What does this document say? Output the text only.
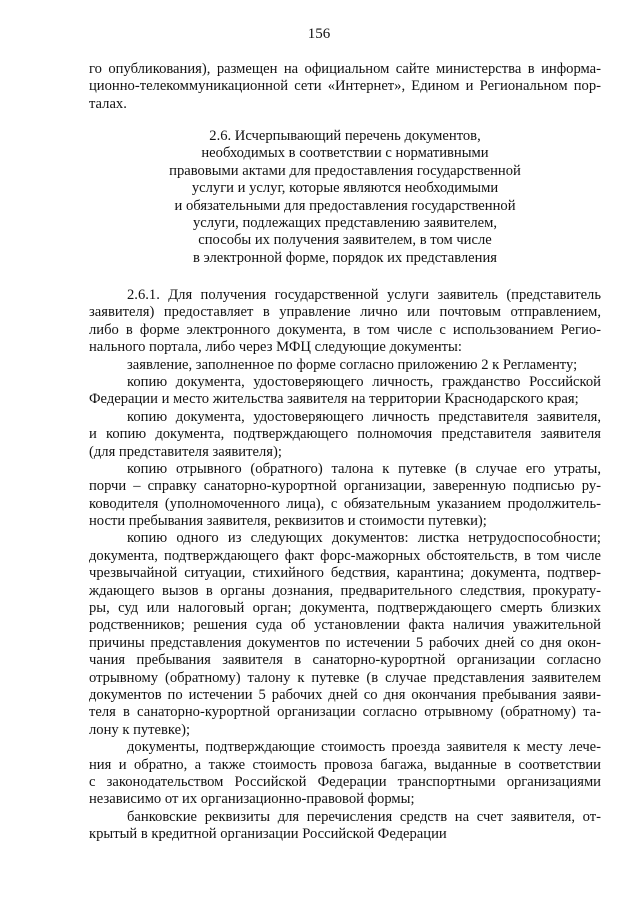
156
го опубликования), размещен на официальном сайте министерства в информа-
ционно-телекоммуникационной сети «Интернет», Едином и Региональном пор-
талах.
2.6. Исчерпывающий перечень документов,
необходимых в соответствии с нормативными
правовыми актами для предоставления государственной
услуги и услуг, которые являются необходимыми
и обязательными для предоставления государственной
услуги, подлежащих представлению заявителем,
способы их получения заявителем, в том числе
в электронной форме, порядок их представления
2.6.1. Для получения государственной услуги заявитель (представитель
заявителя) предоставляет в управление лично или почтовым отправлением,
либо в форме электронного документа, в том числе с использованием Регио-
нального портала, либо через МФЦ следующие документы:
заявление, заполненное по форме согласно приложению 2 к Регламенту;
копию документа, удостоверяющего личность, гражданство Российской
Федерации и место жительства заявителя на территории Краснодарского края;
копию документа, удостоверяющего личность представителя заявителя,
и копию документа, подтверждающего полномочия представителя заявителя
(для представителя заявителя);
копию отрывного (обратного) талона к путевке (в случае его утраты,
порчи – справку санаторно-курортной организации, заверенную подписью ру-
ководителя (уполномоченного лица), с обязательным указанием продолжитель-
ности пребывания заявителя, реквизитов и стоимости путевки);
копию одного из следующих документов: листка нетрудоспособности;
документа, подтверждающего факт форс-мажорных обстоятельств, в том числе
чрезвычайной ситуации, стихийного бедствия, карантина; документа, подтвер-
ждающего вызов в органы дознания, предварительного следствия, прокурату-
ры, суд или налоговый орган; документа, подтверждающего смерть близких
родственников; решения суда об установлении факта наличия уважительной
причины представления документов по истечении 5 рабочих дней со дня окон-
чания пребывания заявителя в санаторно-курортной организации согласно
отрывному (обратному) талону к путевке (в случае представления заявителем
документов по истечении 5 рабочих дней со дня окончания пребывания заяви-
теля в санаторно-курортной организации согласно отрывному (обратному) та-
лону к путевке);
документы, подтверждающие стоимость проезда заявителя к месту лече-
ния и обратно, а также стоимость провоза багажа, выданные в соответствии
с законодательством Российской Федерации транспортными организациями
независимо от их организационно-правовой формы;
банковские реквизиты для перечисления средств на счет заявителя, от-
крытый в кредитной организации Российской Федерации
